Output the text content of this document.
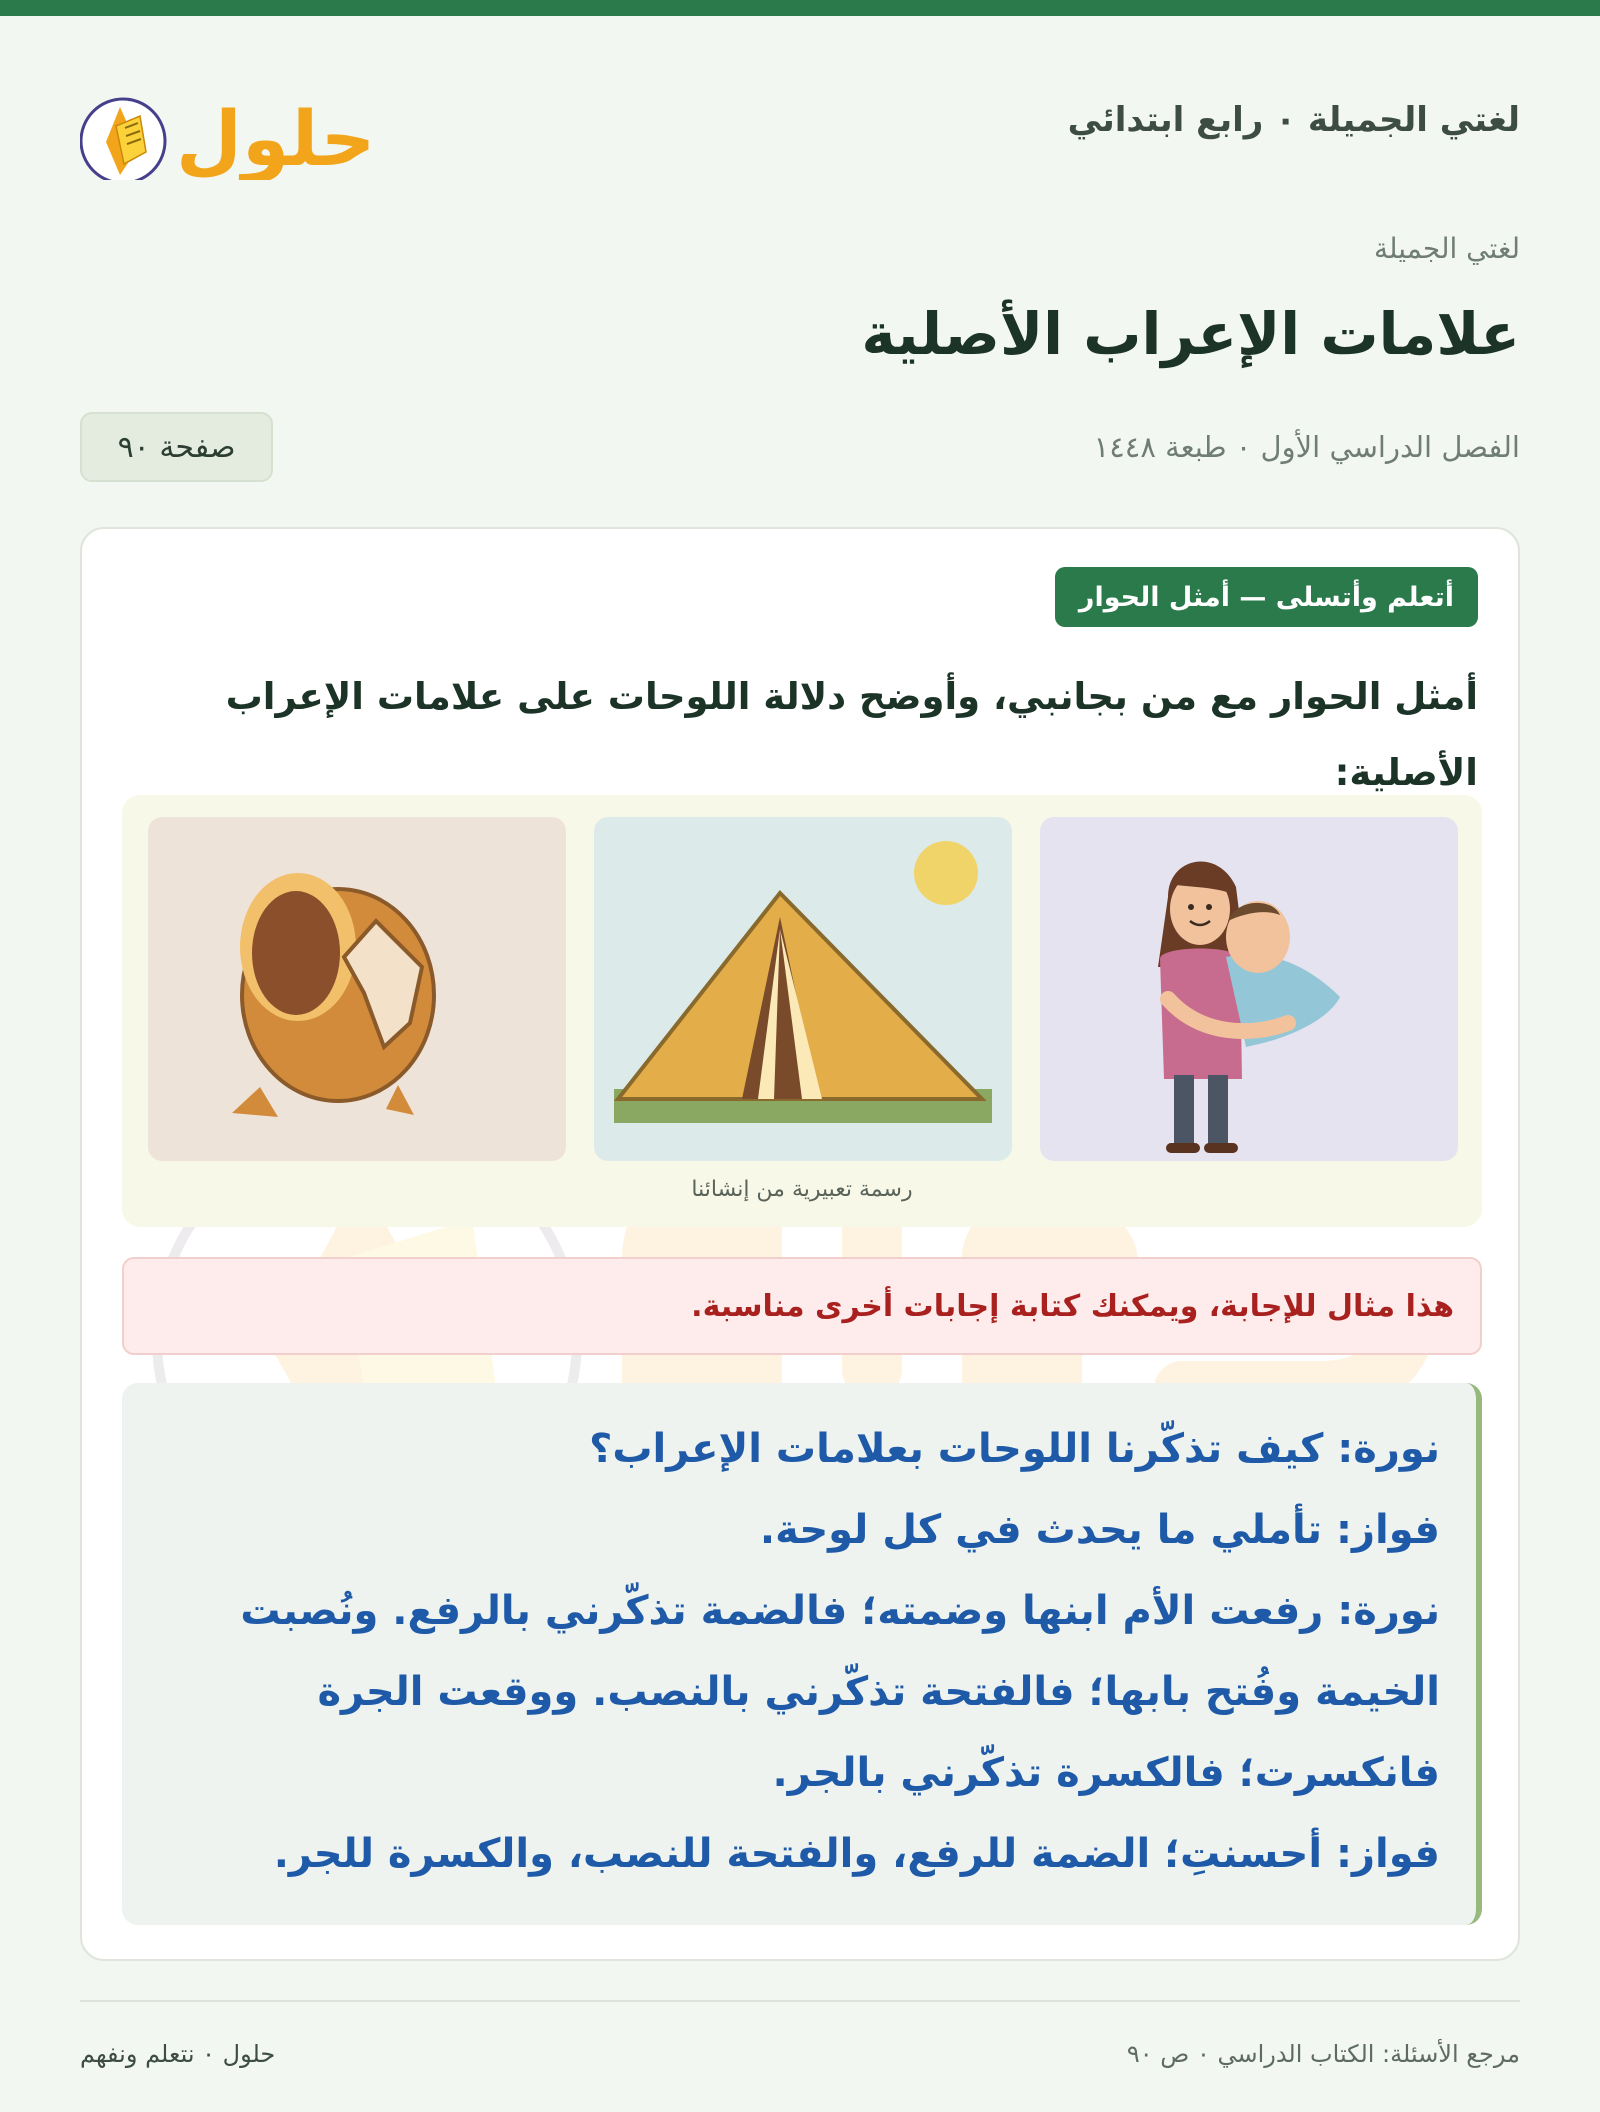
لغتي الجميلة ٠ رابع ابتدائي
حلول
لغتي الجميلة
علامات الإعراب الأصلية
الفصل الدراسي الأول ٠ طبعة ١٤٤٨
صفحة ٩٠
أتعلم وأتسلى — أمثل الحوار
أمثل الحوار مع من بجانبي، وأوضح دلالة اللوحات على علامات الإعراب الأصلية:
رسمة تعبيرية من إنشائنا
هذا مثال للإجابة، ويمكنك كتابة إجابات أخرى مناسبة.

نورة: كيف تذكّرنا اللوحات بعلامات الإعراب؟

فواز: تأملي ما يحدث في كل لوحة.

نورة: رفعت الأم ابنها وضمته؛ فالضمة تذكّرني بالرفع. ونُصبت الخيمة وفُتح بابها؛ فالفتحة تذكّرني بالنصب. ووقعت الجرة فانكسرت؛ فالكسرة تذكّرني بالجر.

فواز: أحسنتِ؛ الضمة للرفع، والفتحة للنصب، والكسرة للجر.

مرجع الأسئلة: الكتاب الدراسي ٠ ص ٩٠
حلول ٠ نتعلم ونفهم
